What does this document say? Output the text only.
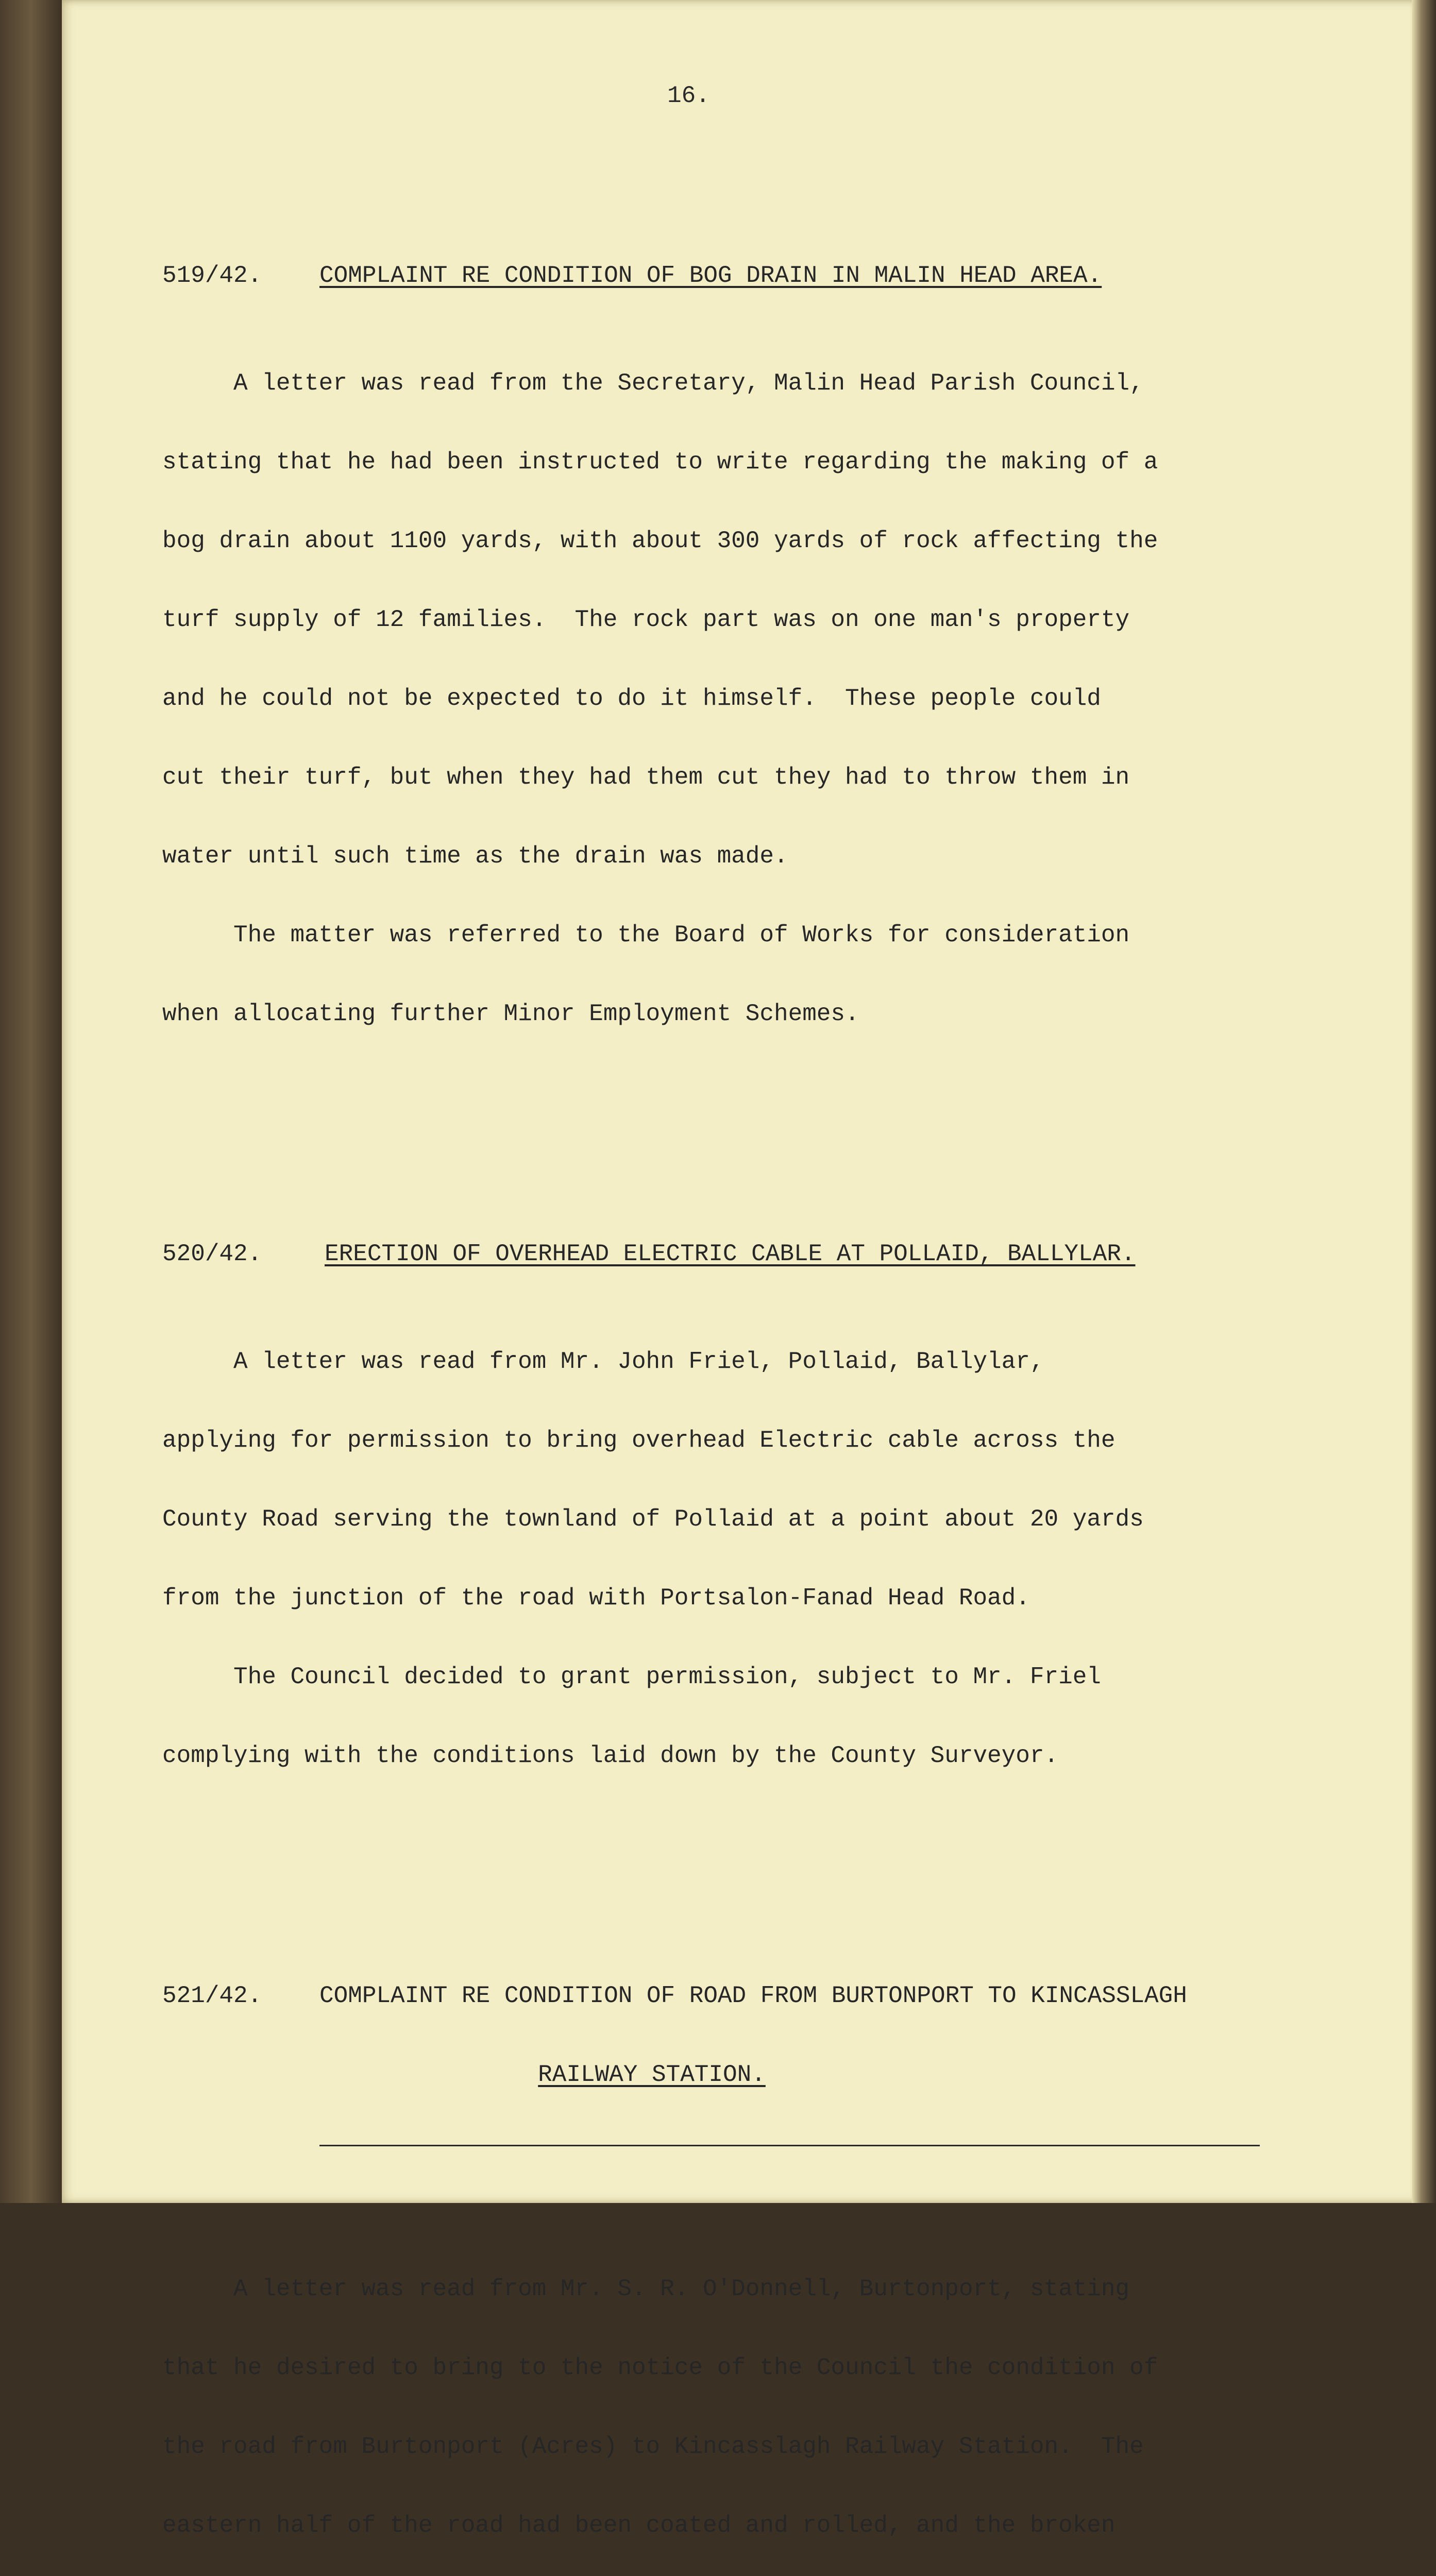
16.

519/42.	COMPLAINT RE CONDITION OF BOG DRAIN IN MALIN HEAD AREA.

A letter was read from the Secretary, Malin Head Parish Council,

stating that he had been instructed to write regarding the making of a

bog drain about 1100 yards, with about 300 yards of rock affecting the

turf supply of 12 families.  The rock part was on one man's property

and he could not be expected to do it himself.  These people could

cut their turf, but when they had them cut they had to throw them in

water until such time as the drain was made.

The matter was referred to the Board of Works for consideration

when allocating further Minor Employment Schemes.

520/42.	ERECTION OF OVERHEAD ELECTRIC CABLE AT POLLAID, BALLYLAR.

A letter was read from Mr. John Friel, Pollaid, Ballylar,

applying for permission to bring overhead Electric cable across the

County Road serving the townland of Pollaid at a point about 20 yards

from the junction of the road with Portsalon-Fanad Head Road.

The Council decided to grant permission, subject to Mr. Friel

complying with the conditions laid down by the County Surveyor.

521/42.	COMPLAINT RE CONDITION OF ROAD FROM BURTONPORT TO KINCASSLAGH

RAILWAY STATION.

A letter was read from Mr. S. R. O'Donnell, Burtonport, stating

that he desired to bring to the notice of the Council the condition of

the road from Burtonport (Acres) to Kincasslagh Railway Station.  The

eastern half of the road had been coated and rolled, and the broken
